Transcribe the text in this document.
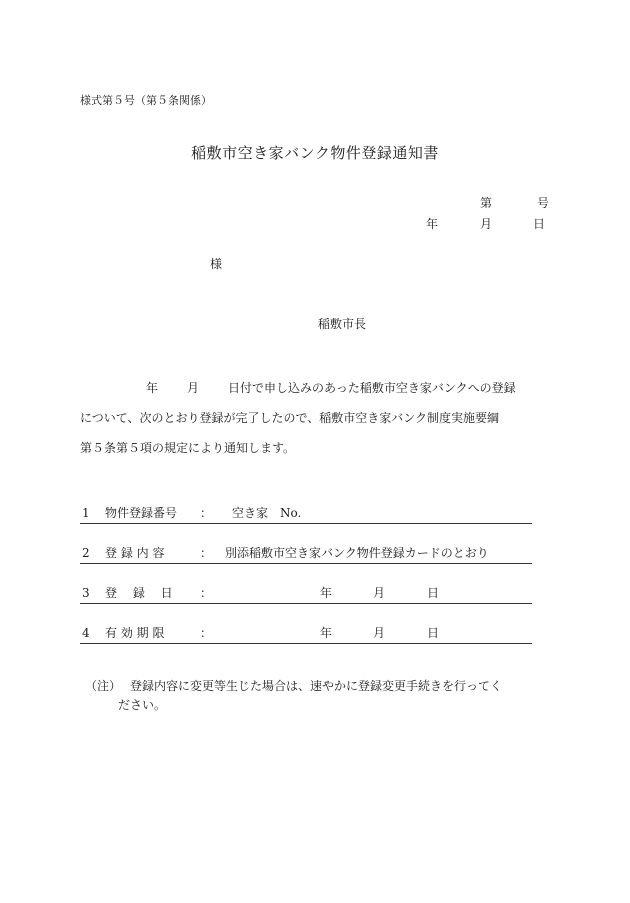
様式第５号（第５条関係）
稲敷市空き家バンク物件登録通知書
第	号
年	月	日
様
稲敷市長
年 月 日付で申し込みのあった稲敷市空き家バンクへの登録
について、次のとおり登録が完了したので、稲敷市空き家バンク制度実施要綱
第５条第５項の規定により通知します。
1 物件登録番号 ： 空き家　No.
2 登 録 内 容	： 別添稲敷市空き家バンク物件登録カードのとおり
3 登　 録　 日 ：	年	月	日
4 有 効 期 限	：	年	月	日
（注） 登録内容に変更等生じた場合は、速やかに登録変更手続きを行ってく
ださい。
